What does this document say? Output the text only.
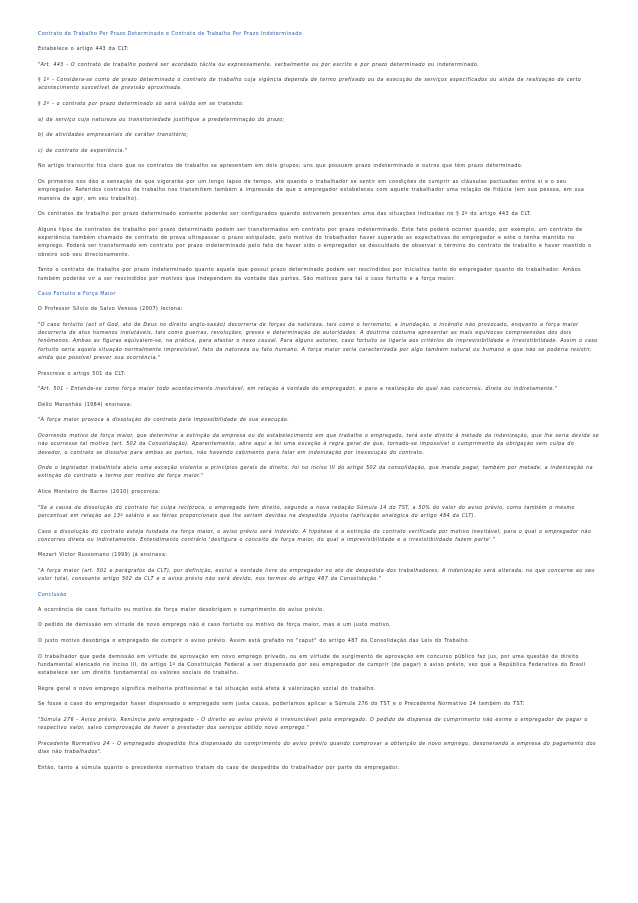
Contrato de Trabalho Por Prazo Determinado e Contrato de Trabalho Por Prazo Indeterminado
Estabelece o artigo 443 da CLT:
"Art. 443 - O contrato de trabalho poderá ser acordado tácita ou expressamente, verbalmente ou por escrito e por prazo determinado ou indeterminado.
§ 1º - Considera-se como de prazo determinado o contrato de trabalho cuja vigência dependa de termo prefixado ou da execução de serviços especificados ou ainda da realização de certo acontecimento suscetível de previsão aproximada.
§ 2º - o contrato por prazo determinado só será válido em se tratando:
a) de serviço cuja natureza ou transitoriedade justifique a predeterminação do prazo;
b) de atividades empresariais de caráter transitório;
c) de contrato de experiência."
No artigo transcrito fica claro que os contratos de trabalho se apresentam em dois grupos: uns que possuem prazo indeterminado e outros que têm prazo determinado.
Os primeiros nos dão a sensação de que vigorarão por um longo lapso de tempo, até quando o trabalhador se sentir em condições de cumprir as cláusulas pactuadas entre si e o seu empregador. Referidos contratos de trabalho nos transmitem também a impressão de que o empregador estabeleceu com aquele trabalhador uma relação de fidúcia (em sua pessoa, em sua maneira de agir, em seu trabalho).
Os contratos de trabalho por prazo determinado somente poderão ser configurados quando estiverem presentes uma das situações indicadas no § 2º do artigo 443 da CLT.
Alguns tipos de contratos de trabalho por prazo determinado podem ser transformados em contrato por prazo indeterminado. Este fato poderá ocorrer quando, por exemplo, um contrato de experiência também chamado de contrato de prova ultrapassar o prazo estipulado, pelo motivo do trabalhador haver superado as expectativas do empregador e este o tenha mantido no emprego. Poderá ser transformado em contrato por prazo indeterminado pelo fato de haver sido o empregador se descuidado de observar o término do contrato de trabalho e haver mantido o obreiro sob seu direcionamento.
Tanto o contrato de trabalho por prazo indeterminado quanto aquele que possui prazo determinado podem ser rescindidos por iniciativa tanto do empregador quanto do trabalhador. Ambos também poderão vir a ser rescindidos por motivos que independem da vontade das partes. São motivos para tal o caso fortuito e a força maior.
Caso Fortuito e Força Maior
O Professor Sílvio de Salvo Venosa (2007) leciona:
"O caso fortuito (act of God, ato de Deus no direito anglo-saxão) decorreria de forças da natureza, tais como o terremoto, a inundação, o incêndio não provocado, enquanto a força maior decorreria de atos humanos inelutáveis, tais como guerras, revoluções, greves e determinação de autoridades. A doutrina costuma apresentar as mais equívocas compreensões dos dois fenômenos. Ambas as figuras equivalem-se, na prática, para afastar o nexo causal. Para alguns autores, caso fortuito se ligaria aos critérios de imprevisibilidade e irresistibilidade. Assim o caso fortuito seria aquela situação normalmente imprevisível, fato da natureza ou fato humano. A força maior seria caracterizada por algo também natural ou humano a que não se poderia resistir, ainda que possível prever sua ocorrência."
Prescreve o artigo 501 da CLT:
"Art. 501 - Entende-se como força maior todo acontecimento inevitável, em relação à vontade do empregador, e para a realização do qual não concorreu, direta ou indiretamente."
Délio Maranhão (1984) ensinava:
"A força maior provoca a dissolução do contrato pela impossibilidade de sua execução.
Ocorrendo motivo de força maior, que determine a extinção da empresa ou do estabelecimento em que trabalhe o empregado, terá este direito à metade da indenização, que lhe seria devida se não ocorresse tal motivo (art. 502 da Consolidação). Aparentemente, abre aqui a lei uma exceção à regra geral de que, tornado-se impossível o cumprimento da obrigação sem culpa do devedor, o contrato se dissolve para ambas as partes, não havendo cabimento para falar em indenização por inexecução do contrato.
Onde o legislador trabalhista abriu uma exceção violenta a princípios gerais de direito, foi no inciso III do artigo 502 da consolidação, que manda pagar, também por metade, a indenização na extinção do contrato a termo por motivo de força maior."
Alice Monteiro de Barros (2010) preconiza:
"Se a causa da dissolução do contrato for culpa recíproca, o empregado tem direito, segundo a nova redação Súmula 14 do TST, a 50% do valor do aviso prévio, como também o mesmo percentual em relação ao 13º salário e as férias proporcionais que lhe seriam devidas na despedida injusta (aplicação analógica do artigo 484 da CLT).
Caso a dissolução do contrato esteja fundada na força maior, o aviso prévio será indevido. A hipótese é a extinção do contrato verificada por motivo inevitável, para o qual o empregador não concorreu direta ou indiretamente. Entendimento contrário 'desfigura o conceito de força maior, do qual a imprevisibilidade e a irresistibilidade fazem parte'."
Mozart Victor Russomano (1999) já ensinava:
"A força maior (art. 501 e parágrafos da CLT), por definição, exclui a vontade livre do empregador no ato de despedida dos trabalhadores. A indenização será alterada, no que concerne ao seu valor total, consoante artigo 502 da CLT e o aviso prévio não será devido, nos termos do artigo 487 da Consolidação."
Conclusão
A ocorrência de caso fortuito ou motivo de força maior desobrigam o cumprimento do aviso prévio.
O pedido de demissão em virtude de novo emprego não é caso fortuito ou motivo de força maior, mas é um justo motivo.
O justo motivo desobriga o empregado de cumprir o aviso prévio. Assim está grafado no "caput" do artigo 487 da Consolidação das Leis do Trabalho.
O trabalhador que pede demissão em virtude de aprovação em novo emprego privado, ou em virtude de surgimento de aprovação em concurso público faz jus, por uma questão de direito fundamental elencado no inciso III, do artigo 1º da Constituição Federal a ser dispensado por seu empregador de cumprir (de pagar) o aviso prévio, vez que a República Federativa do Brasil estabelece ser um direito fundamental os valores sociais do trabalho.
Regra geral o novo emprego significa melhoria profissional e tal situação está afeta à valorização social do trabalho.
Se fosse o caso do empregador haver dispensado o empregado sem justa causa, poderíamos aplicar a Súmula 276 do TST e o Precedente Normativo 24 também do TST:
"Súmula 276 - Aviso prévio. Renúncia pelo empregado - O direito ao aviso prévio é irrenunciável pelo empregado. O pedido de dispensa de cumprimento não exime o empregador de pagar o respectivo valor, salvo comprovação de haver o prestador dos serviços obtido novo emprego."
Precedente Normativo 24 - O empregado despedido fica dispensado do cumprimento do aviso prévio quando comprovar a obtenção de novo emprego, desonerando a empresa do pagamento dos dias não trabalhados".
Então, tanto a súmula quanto o precedente normativo tratam do caso de despedida do trabalhador por parte do empregador.
